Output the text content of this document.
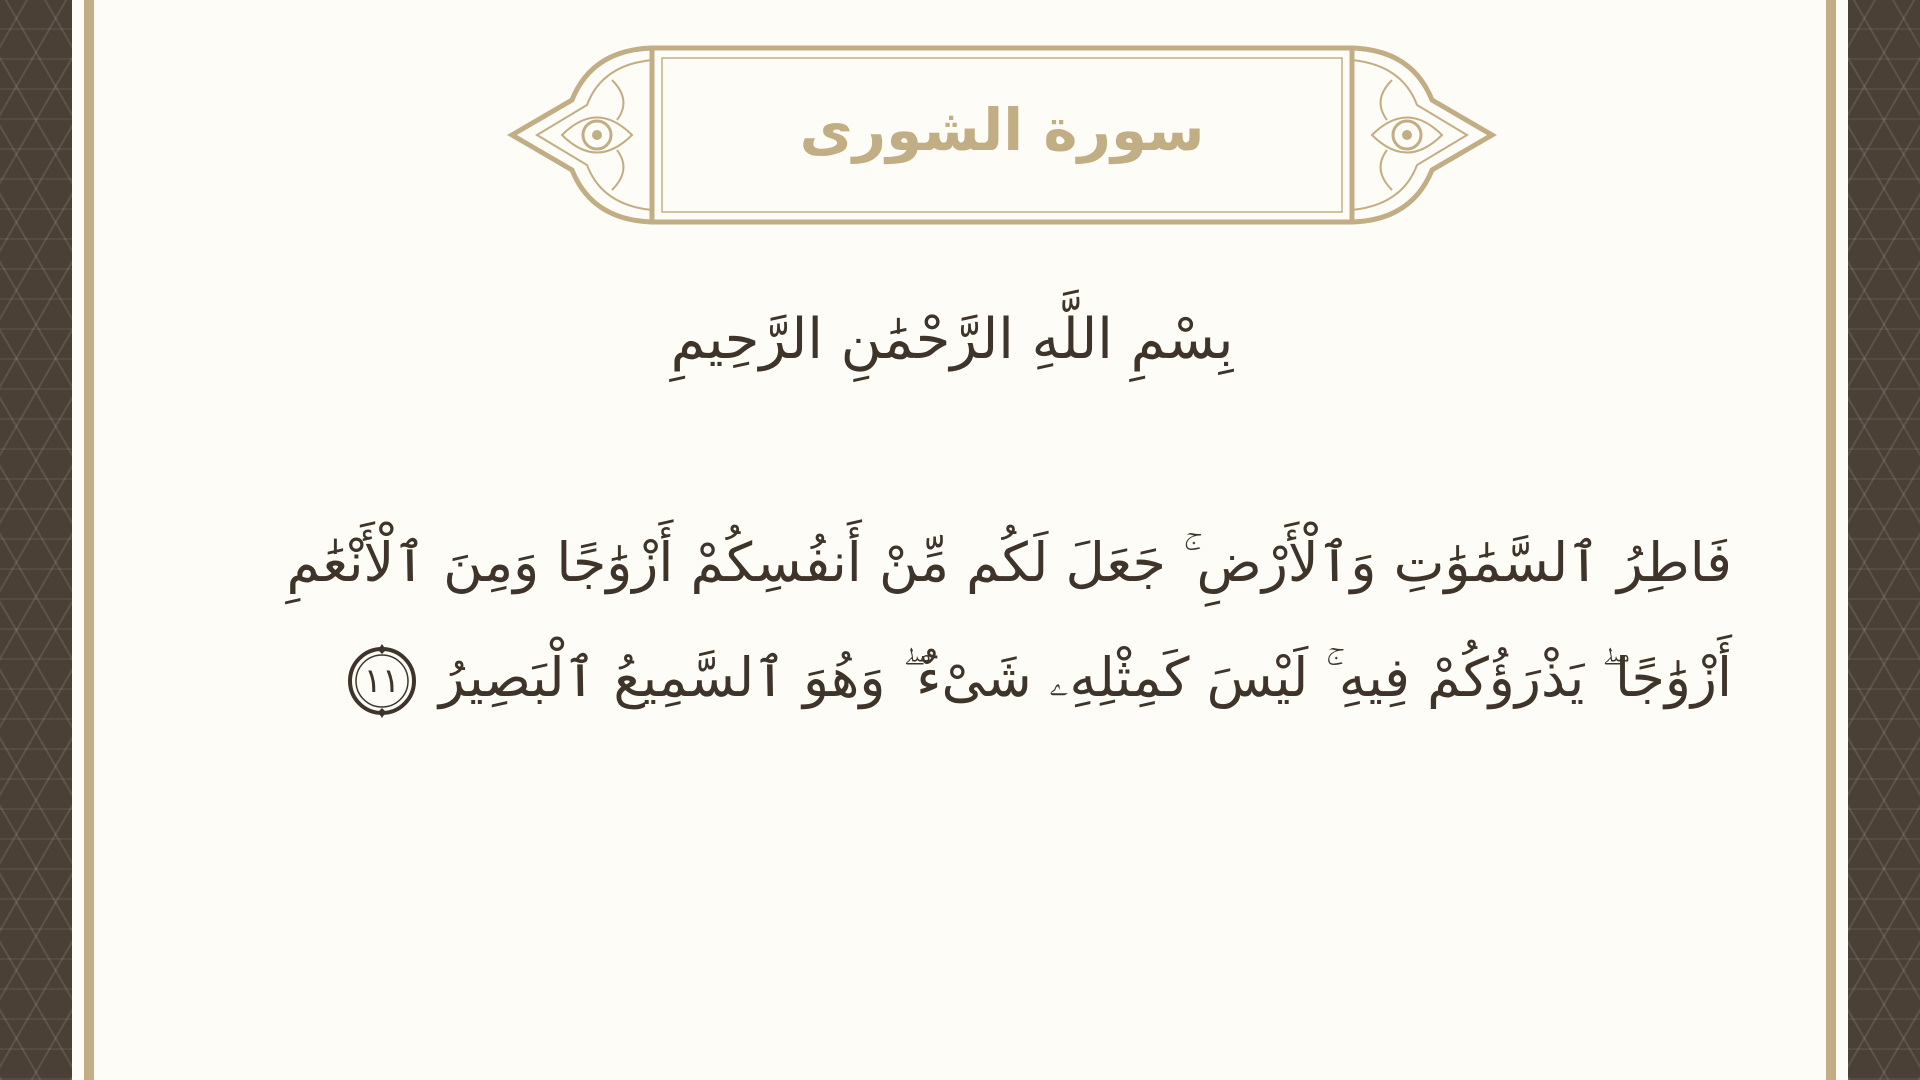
سورة الشورى
بِسْمِ اللَّهِ الرَّحْمَٰنِ الرَّحِيمِ
فَاطِرُ ٱلسَّمَٰوَٰتِ وَٱلْأَرْضِ ۚ جَعَلَ لَكُم مِّنْ أَنفُسِكُمْ أَزْوَٰجًا وَمِنَ ٱلْأَنْعَٰمِ
أَزْوَٰجًا ۖ يَذْرَؤُكُمْ فِيهِ ۚ لَيْسَ كَمِثْلِهِۦ شَىْءٌ ۖ وَهُوَ ٱلسَّمِيعُ ٱلْبَصِيرُ
١١
